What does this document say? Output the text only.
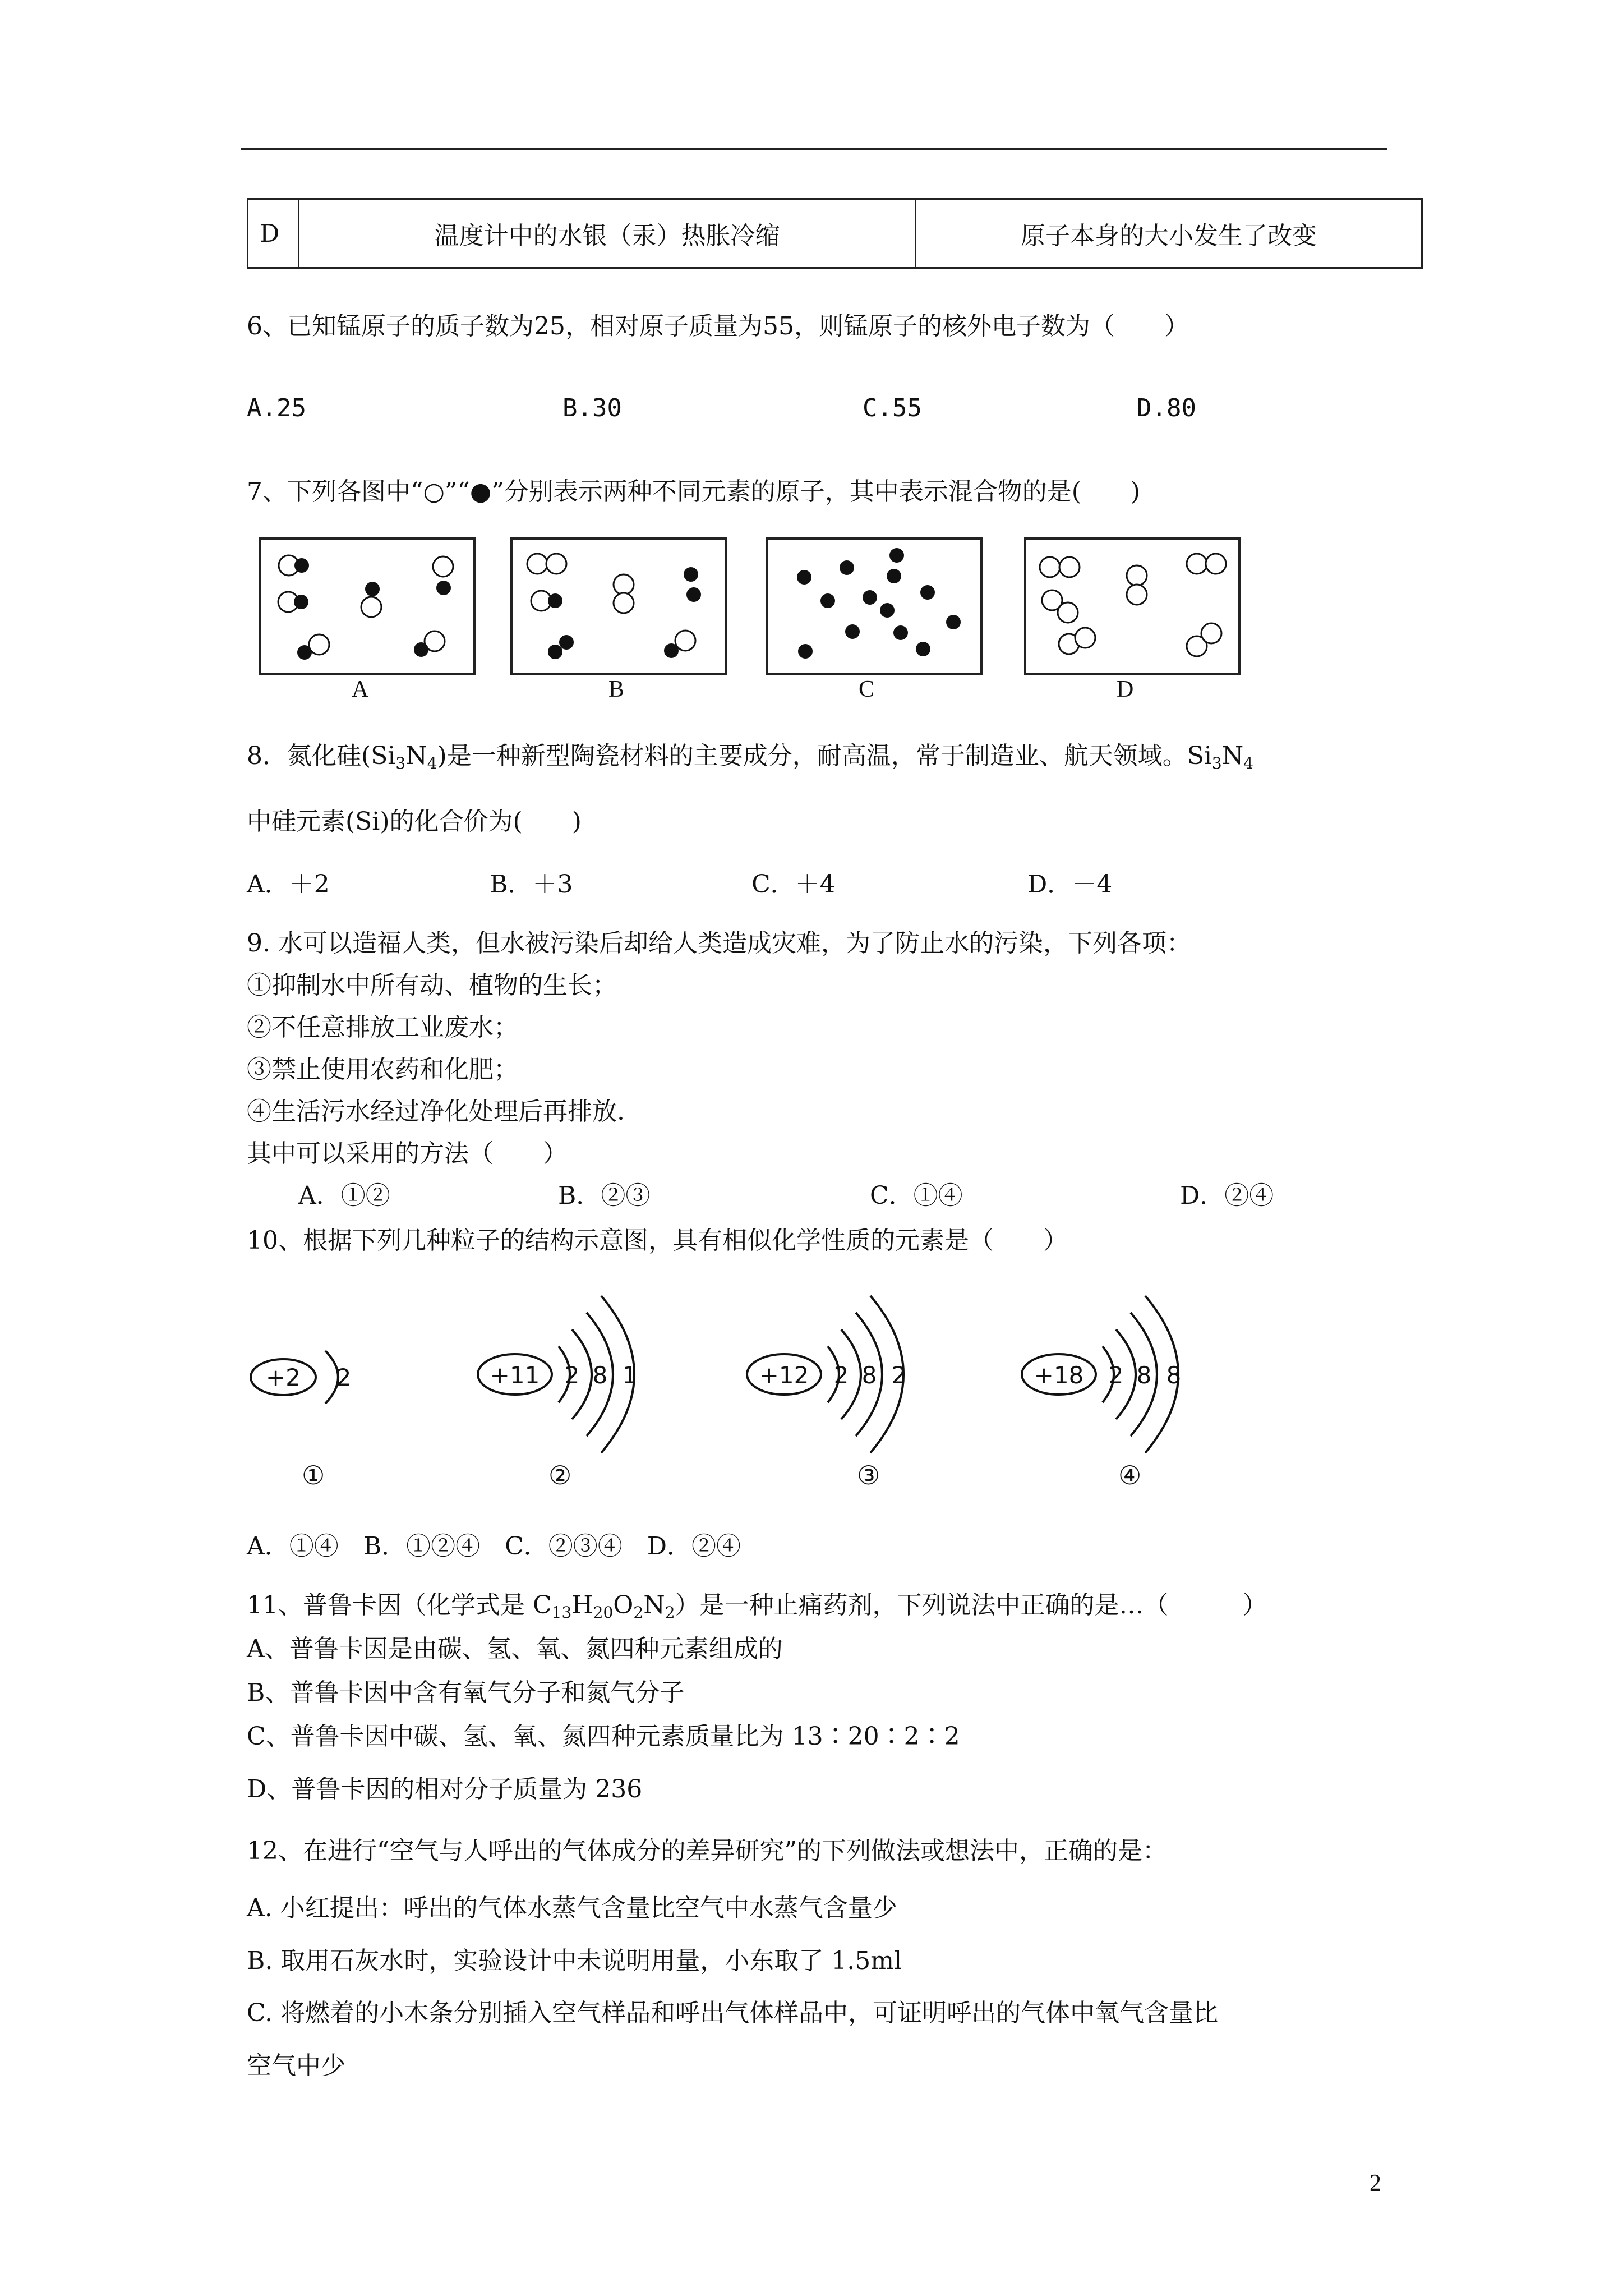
D	温度计中的水银（汞）热胀冷缩	原子本身的大小发生了改变
6、已知锰原子的质子数为25，相对原子质量为55，则锰原子的核外电子数为（　　）
A.25	B.30	C.55	D.80
7、下列各图中“○”“●”分别表示两种不同元素的原子，其中表示混合物的是(　　)
A	B	C	D
8．氮化硅$(Si_3N_4)$是一种新型陶瓷材料的主要成分，耐高温，常于制造业、航天领域。$Si_3N_4$
中硅元素(Si)的化合价为(　　)
A．＋2	B．＋3	C．＋4	D．－4
9. 水可以造福人类，但水被污染后却给人类造成灾难，为了防止水的污染，下列各项：
①抑制水中所有动、植物的生长；
②不任意排放工业废水；
③禁止使用农药和化肥；
④生活污水经过净化处理后再排放.
其中可以采用的方法（　　）
A．①②	B．②③	C．①④	D．②④
10、根据下列几种粒子的结构示意图，具有相似化学性质的元素是（　　）
+2 2
①
+11 2 8 1
②
+12 2 8 2
③
+18 2 8 8
④
A．①④　B．①②④　C．②③④　D．②④
11、普鲁卡因（化学式是 $C_{13}H_{20}O_2N_2$）是一种止痛药剂，下列说法中正确的是…（　　　）
A、普鲁卡因是由碳、氢、氧、氮四种元素组成的
B、普鲁卡因中含有氧气分子和氮气分子
C、普鲁卡因中碳、氢、氧、氮四种元素质量比为 13∶20∶2∶2
D、普鲁卡因的相对分子质量为 236
12、在进行“空气与人呼出的气体成分的差异研究”的下列做法或想法中，正确的是：
A. 小红提出：呼出的气体水蒸气含量比空气中水蒸气含量少
B. 取用石灰水时，实验设计中未说明用量，小东取了 1.5ml
C. 将燃着的小木条分别插入空气样品和呼出气体样品中，可证明呼出的气体中氧气含量比
空气中少
2
